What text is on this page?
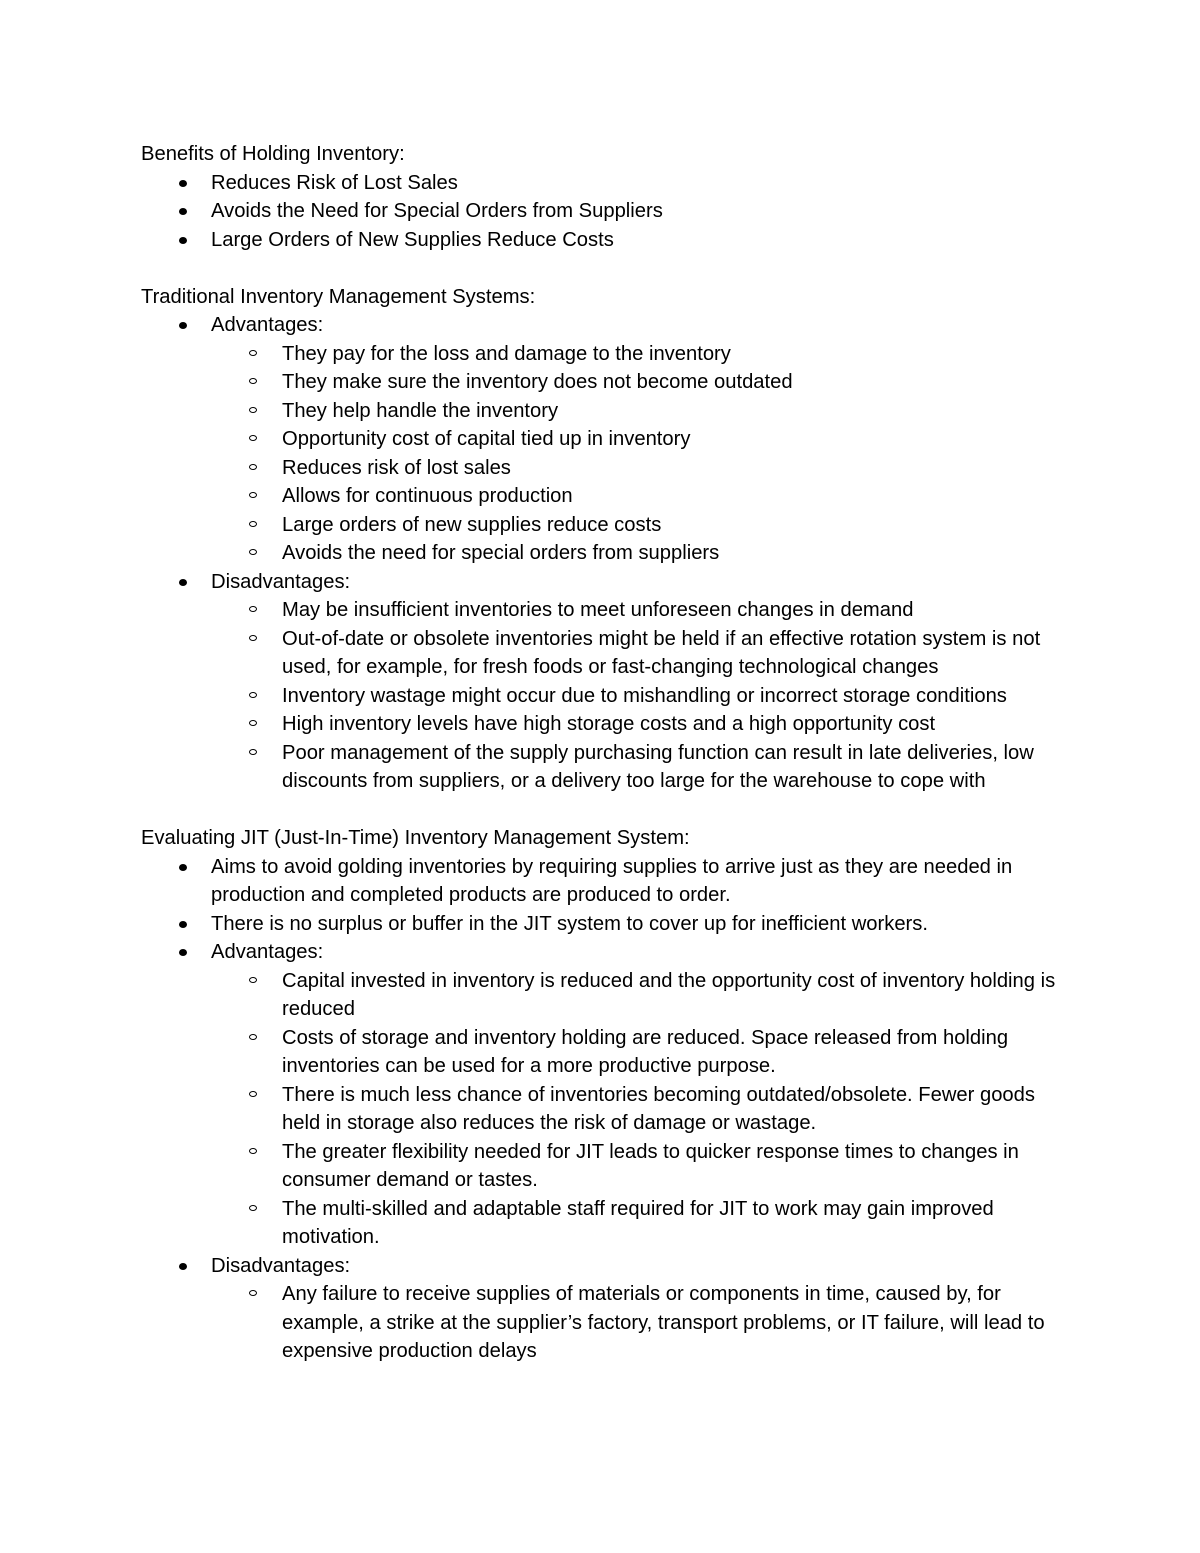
Benefits of Holding Inventory:

Reduces Risk of Lost Sales
Avoids the Need for Special Orders from Suppliers
Large Orders of New Supplies Reduce Costs

Traditional Inventory Management Systems:

Advantages:
They pay for the loss and damage to the inventory
They make sure the inventory does not become outdated
They help handle the inventory
Opportunity cost of capital tied up in inventory
Reduces risk of lost sales
Allows for continuous production
Large orders of new supplies reduce costs
Avoids the need for special orders from suppliers
Disadvantages:
May be insufficient inventories to meet unforeseen changes in demand
Out-of-date or obsolete inventories might be held if an effective rotation system is not used, for example, for fresh foods or fast-changing technological changes
Inventory wastage might occur due to mishandling or incorrect storage conditions
High inventory levels have high storage costs and a high opportunity cost
Poor management of the supply purchasing function can result in late deliveries, low discounts from suppliers, or a delivery too large for the warehouse to cope with

Evaluating JIT (Just-In-Time) Inventory Management System:

Aims to avoid golding inventories by requiring supplies to arrive just as they are needed in production and completed products are produced to order.
There is no surplus or buffer in the JIT system to cover up for inefficient workers.
Advantages:
Capital invested in inventory is reduced and the opportunity cost of inventory holding is reduced
Costs of storage and inventory holding are reduced. Space released from holding inventories can be used for a more productive purpose.
There is much less chance of inventories becoming outdated/obsolete. Fewer goods held in storage also reduces the risk of damage or wastage.
The greater flexibility needed for JIT leads to quicker response times to changes in consumer demand or tastes.
The multi-skilled and adaptable staff required for JIT to work may gain improved motivation.
Disadvantages:
Any failure to receive supplies of materials or components in time, caused by, for example, a strike at the supplier’s factory, transport problems, or IT failure, will lead to expensive production delays
